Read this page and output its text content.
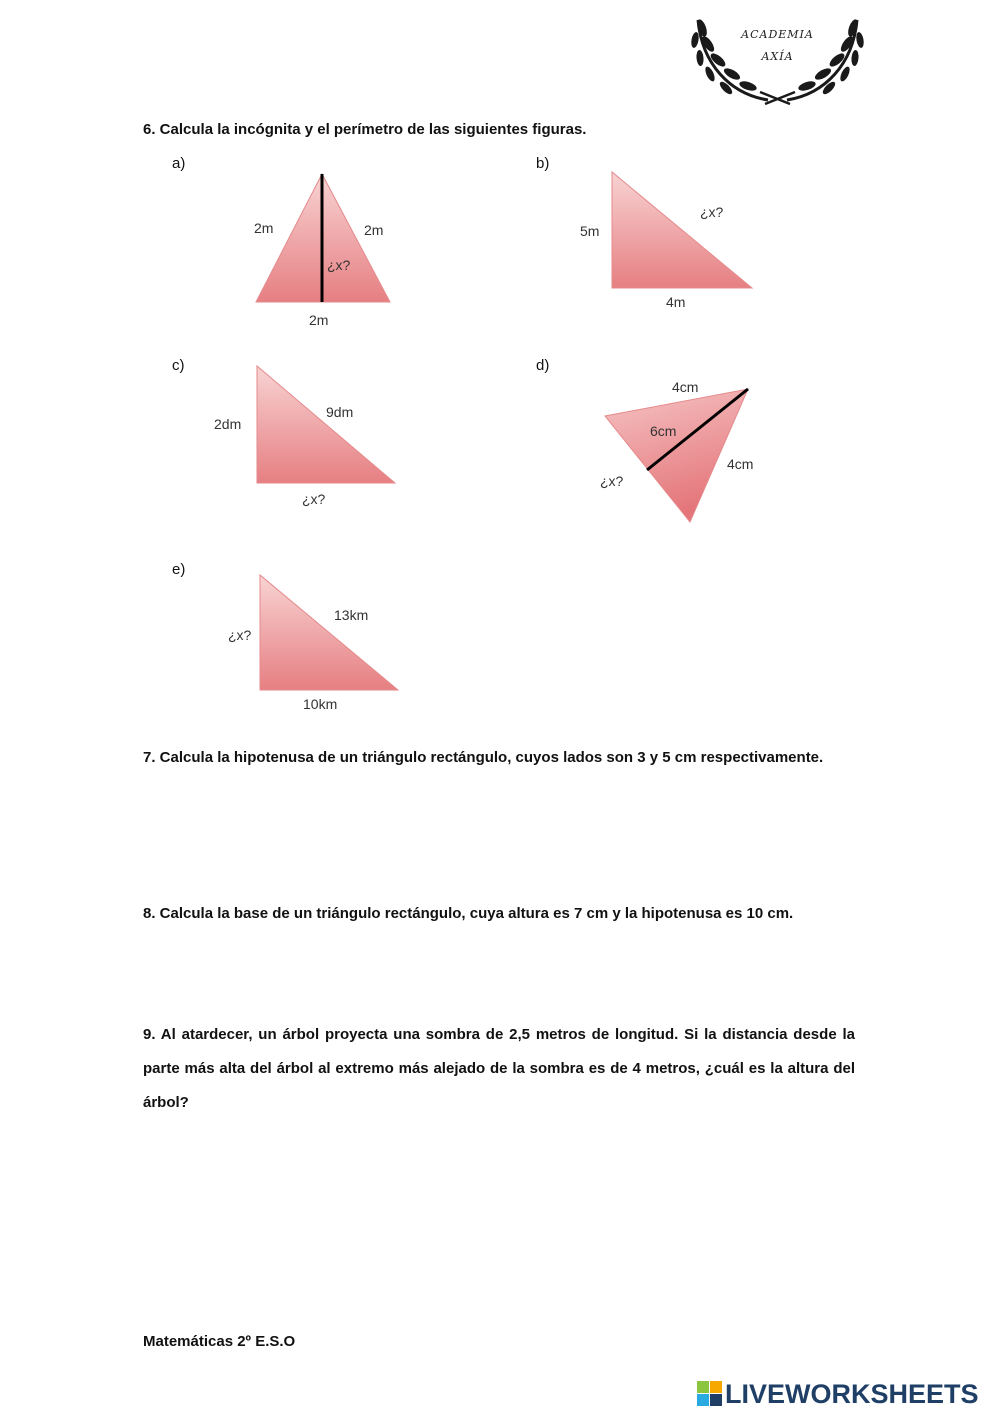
ACADEMIA
AXÍA
6. Calcula la incógnita y el perímetro de las siguientes figuras.
a)	b)
c)	d)
e)
2m	2m
¿x?
2m
5m
¿x?
4m
2dm
9dm
¿x?
4cm
6cm
4cm
¿x?
¿x?
13km
10km
7. Calcula la hipotenusa de un triángulo rectángulo, cuyos lados son 3 y 5 cm respectivamente.
8. Calcula la base de un triángulo rectángulo, cuya altura es 7 cm y la hipotenusa es 10 cm.
9. Al atardecer, un árbol proyecta una sombra de 2,5 metros de longitud. Si la distancia desde la parte más alta del árbol al extremo más alejado de la sombra es de 4 metros, ¿cuál es la altura del árbol?
Matemáticas 2º E.S.O
LIVEWORKSHEETS
